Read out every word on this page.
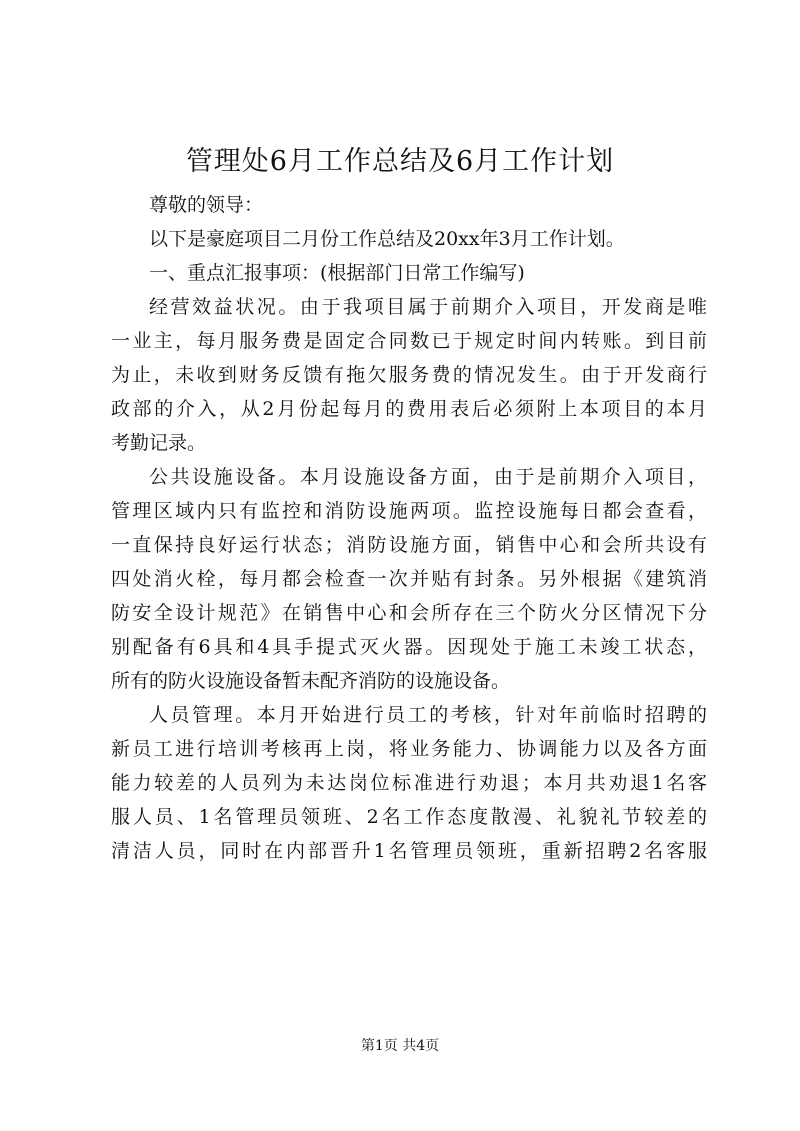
管理处6月工作总结及6月工作计划
尊敬的领导：
以下是豪庭项目二月份工作总结及20xx年3月工作计划。
一、重点汇报事项：(根据部门日常工作编写)
经营效益状况。由于我项目属于前期介入项目，开发商是唯
一业主，每月服务费是固定合同数已于规定时间内转账。到目前
为止，未收到财务反馈有拖欠服务费的情况发生。由于开发商行
政部的介入，从2月份起每月的费用表后必须附上本项目的本月
考勤记录。
公共设施设备。本月设施设备方面，由于是前期介入项目，
管理区域内只有监控和消防设施两项。监控设施每日都会查看，
一直保持良好运行状态；消防设施方面，销售中心和会所共设有
四处消火栓，每月都会检查一次并贴有封条。另外根据《建筑消
防安全设计规范》在销售中心和会所存在三个防火分区情况下分
别配备有6具和4具手提式灭火器。因现处于施工未竣工状态，
所有的防火设施设备暂未配齐消防的设施设备。
人员管理。本月开始进行员工的考核，针对年前临时招聘的
新员工进行培训考核再上岗，将业务能力、协调能力以及各方面
能力较差的人员列为未达岗位标准进行劝退；本月共劝退1名客
服人员、1名管理员领班、2名工作态度散漫、礼貌礼节较差的
清洁人员，同时在内部晋升1名管理员领班，重新招聘2名客服
第1页 共4页
